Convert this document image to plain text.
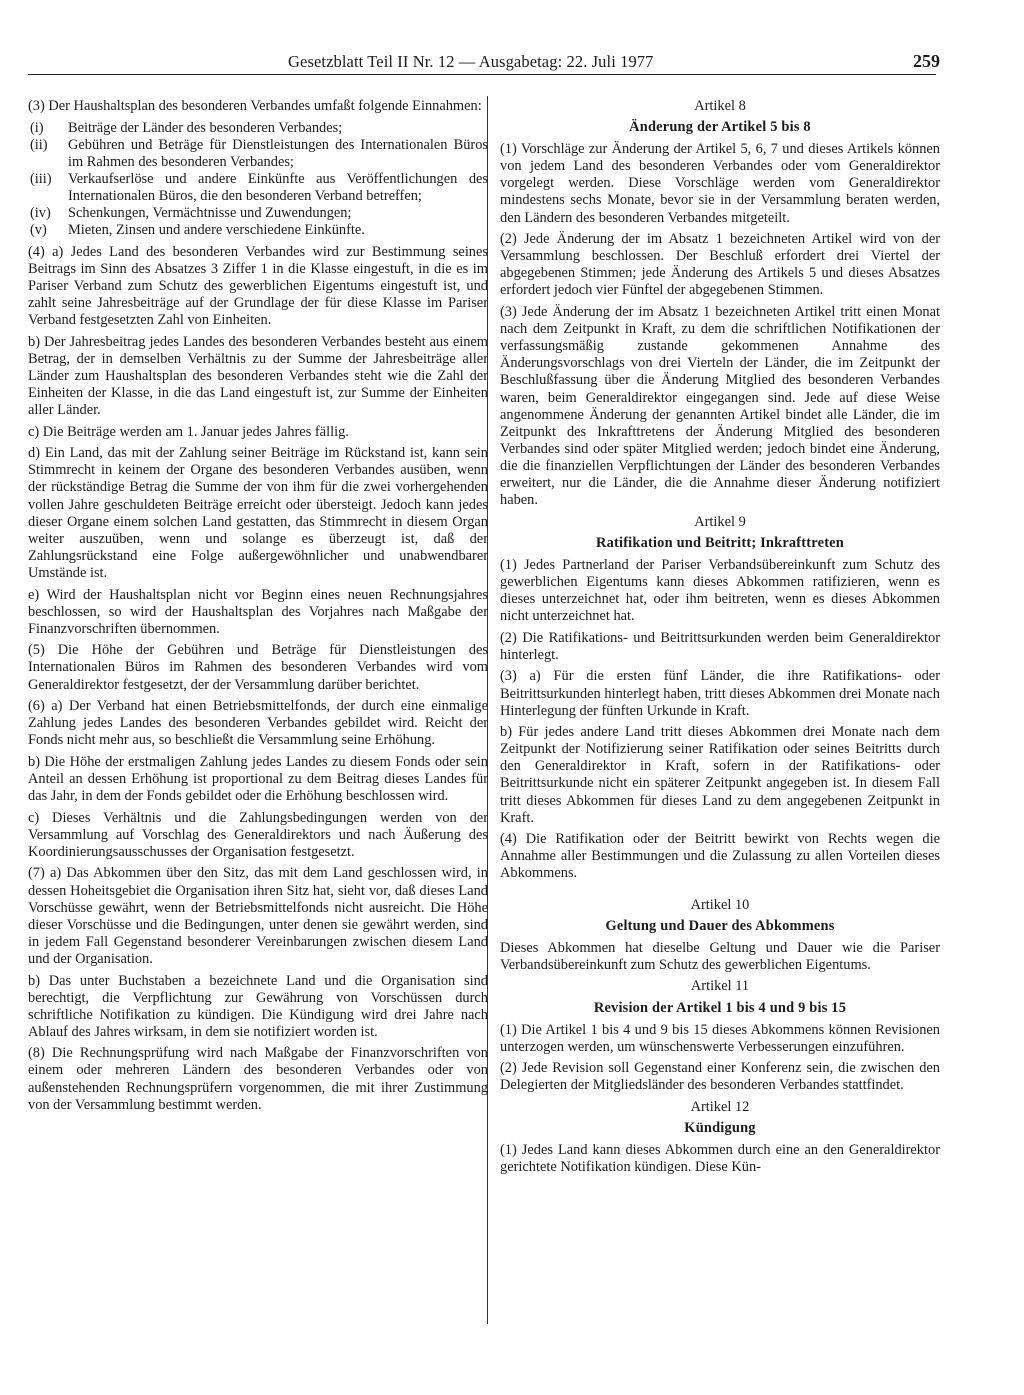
Gesetzblatt Teil II Nr. 12 — Ausgabetag: 22. Juli 1977	259

(3) Der Haushaltsplan des besonderen Verbandes umfaßt folgende Einnahmen:

(i)	Beiträge der Länder des besonderen Verbandes;
(ii)	Gebühren und Beträge für Dienstleistungen des Internationalen Büros im Rahmen des besonderen Verbandes;
(iii)	Verkaufserlöse und andere Einkünfte aus Veröffentlichungen des Internationalen Büros, die den besonderen Verband betreffen;
(iv)	Schenkungen, Vermächtnisse und Zuwendungen;
(v)	Mieten, Zinsen und andere verschiedene Einkünfte.

(4) a) Jedes Land des besonderen Verbandes wird zur Bestimmung seines Beitrags im Sinn des Absatzes 3 Ziffer 1 in die Klasse eingestuft, in die es im Pariser Verband zum Schutz des gewerblichen Eigentums eingestuft ist, und zahlt seine Jahresbeiträge auf der Grundlage der für diese Klasse im Pariser Verband festgesetzten Zahl von Einheiten.

b) Der Jahresbeitrag jedes Landes des besonderen Verbandes besteht aus einem Betrag, der in demselben Verhältnis zu der Summe der Jahresbeiträge aller Länder zum Haushaltsplan des besonderen Verbandes steht wie die Zahl der Einheiten der Klasse, in die das Land eingestuft ist, zur Summe der Einheiten aller Länder.

c) Die Beiträge werden am 1. Januar jedes Jahres fällig.

d) Ein Land, das mit der Zahlung seiner Beiträge im Rückstand ist, kann sein Stimmrecht in keinem der Organe des besonderen Verbandes ausüben, wenn der rückständige Betrag die Summe der von ihm für die zwei vorhergehenden vollen Jahre geschuldeten Beiträge erreicht oder übersteigt. Jedoch kann jedes dieser Organe einem solchen Land gestatten, das Stimmrecht in diesem Organ weiter auszuüben, wenn und solange es überzeugt ist, daß der Zahlungsrückstand eine Folge außergewöhnlicher und unabwendbarer Umstände ist.

e) Wird der Haushaltsplan nicht vor Beginn eines neuen Rechnungsjahres beschlossen, so wird der Haushaltsplan des Vorjahres nach Maßgabe der Finanzvorschriften übernommen.

(5) Die Höhe der Gebühren und Beträge für Dienstleistungen des Internationalen Büros im Rahmen des besonderen Verbandes wird vom Generaldirektor festgesetzt, der der Versammlung darüber berichtet.

(6) a) Der Verband hat einen Betriebsmittelfonds, der durch eine einmalige Zahlung jedes Landes des besonderen Verbandes gebildet wird. Reicht der Fonds nicht mehr aus, so beschließt die Versammlung seine Erhöhung.

b) Die Höhe der erstmaligen Zahlung jedes Landes zu diesem Fonds oder sein Anteil an dessen Erhöhung ist proportional zu dem Beitrag dieses Landes für das Jahr, in dem der Fonds gebildet oder die Erhöhung beschlossen wird.

c) Dieses Verhältnis und die Zahlungsbedingungen werden von der Versammlung auf Vorschlag des Generaldirektors und nach Äußerung des Koordinierungsausschusses der Organisation festgesetzt.

(7) a) Das Abkommen über den Sitz, das mit dem Land geschlossen wird, in dessen Hoheitsgebiet die Organisation ihren Sitz hat, sieht vor, daß dieses Land Vorschüsse gewährt, wenn der Betriebsmittelfonds nicht ausreicht. Die Höhe dieser Vorschüsse und die Bedingungen, unter denen sie gewährt werden, sind in jedem Fall Gegenstand besonderer Vereinbarungen zwischen diesem Land und der Organisation.

b) Das unter Buchstaben a bezeichnete Land und die Organisation sind berechtigt, die Verpflichtung zur Gewährung von Vorschüssen durch schriftliche Notifikation zu kündigen. Die Kündigung wird drei Jahre nach Ablauf des Jahres wirksam, in dem sie notifiziert worden ist.

(8) Die Rechnungsprüfung wird nach Maßgabe der Finanzvorschriften von einem oder mehreren Ländern des besonderen Verbandes oder von außenstehenden Rechnungsprüfern vorgenommen, die mit ihrer Zustimmung von der Versammlung bestimmt werden.

Artikel 8

Änderung der Artikel 5 bis 8

(1) Vorschläge zur Änderung der Artikel 5, 6, 7 und dieses Artikels können von jedem Land des besonderen Verbandes oder vom Generaldirektor vorgelegt werden. Diese Vorschläge werden vom Generaldirektor mindestens sechs Monate, bevor sie in der Versammlung beraten werden, den Ländern des besonderen Verbandes mitgeteilt.

(2) Jede Änderung der im Absatz 1 bezeichneten Artikel wird von der Versammlung beschlossen. Der Beschluß erfordert drei Viertel der abgegebenen Stimmen; jede Änderung des Artikels 5 und dieses Absatzes erfordert jedoch vier Fünftel der abgegebenen Stimmen.

(3) Jede Änderung der im Absatz 1 bezeichneten Artikel tritt einen Monat nach dem Zeitpunkt in Kraft, zu dem die schriftlichen Notifikationen der verfassungsmäßig zustande gekommenen Annahme des Änderungsvorschlags von drei Vierteln der Länder, die im Zeitpunkt der Beschlußfassung über die Änderung Mitglied des besonderen Verbandes waren, beim Generaldirektor eingegangen sind. Jede auf diese Weise angenommene Änderung der genannten Artikel bindet alle Länder, die im Zeitpunkt des Inkrafttretens der Änderung Mitglied des besonderen Verbandes sind oder später Mitglied werden; jedoch bindet eine Änderung, die die finanziellen Verpflichtungen der Länder des besonderen Verbandes erweitert, nur die Länder, die die Annahme dieser Änderung notifiziert haben.

Artikel 9

Ratifikation und Beitritt; Inkrafttreten

(1) Jedes Partnerland der Pariser Verbandsübereinkunft zum Schutz des gewerblichen Eigentums kann dieses Abkommen ratifizieren, wenn es dieses unterzeichnet hat, oder ihm beitreten, wenn es dieses Abkommen nicht unterzeichnet hat.

(2) Die Ratifikations- und Beitrittsurkunden werden beim Generaldirektor hinterlegt.

(3) a) Für die ersten fünf Länder, die ihre Ratifikations- oder Beitrittsurkunden hinterlegt haben, tritt dieses Abkommen drei Monate nach Hinterlegung der fünften Urkunde in Kraft.

b) Für jedes andere Land tritt dieses Abkommen drei Monate nach dem Zeitpunkt der Notifizierung seiner Ratifikation oder seines Beitritts durch den Generaldirektor in Kraft, sofern in der Ratifikations- oder Beitrittsurkunde nicht ein späterer Zeitpunkt angegeben ist. In diesem Fall tritt dieses Abkommen für dieses Land zu dem angegebenen Zeitpunkt in Kraft.

(4) Die Ratifikation oder der Beitritt bewirkt von Rechts wegen die Annahme aller Bestimmungen und die Zulassung zu allen Vorteilen dieses Abkommens.

Artikel 10

Geltung und Dauer des Abkommens

Dieses Abkommen hat dieselbe Geltung und Dauer wie die Pariser Verbandsübereinkunft zum Schutz des gewerblichen Eigentums.

Artikel 11

Revision der Artikel 1 bis 4 und 9 bis 15

(1) Die Artikel 1 bis 4 und 9 bis 15 dieses Abkommens können Revisionen unterzogen werden, um wünschenswerte Verbesserungen einzuführen.

(2) Jede Revision soll Gegenstand einer Konferenz sein, die zwischen den Delegierten der Mitgliedsländer des besonderen Verbandes stattfindet.

Artikel 12

Kündigung

(1) Jedes Land kann dieses Abkommen durch eine an den Generaldirektor gerichtete Notifikation kündigen. Diese Kün-
